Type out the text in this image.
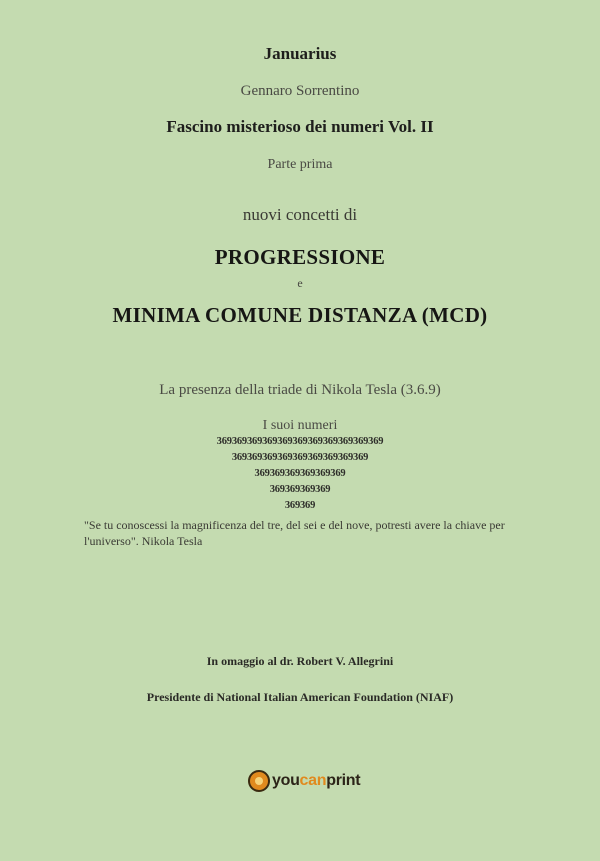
Januarius
Gennaro Sorrentino
Fascino misterioso dei numeri Vol. II
Parte prima
nuovi concetti di
PROGRESSIONE
e
MINIMA COMUNE DISTANZA (MCD)
La presenza della triade di Nikola Tesla (3.6.9)
I suoi numeri
369369369369369369369369369369369
369369369369369369369369369
369369369369369369
369369369369
369369
"Se tu conoscessi la magnificenza del tre, del sei e del nove, potresti avere la chiave per l'universo". Nikola Tesla
In omaggio al dr. Robert V. Allegrini
Presidente di National Italian American Foundation (NIAF)
youcanprint
